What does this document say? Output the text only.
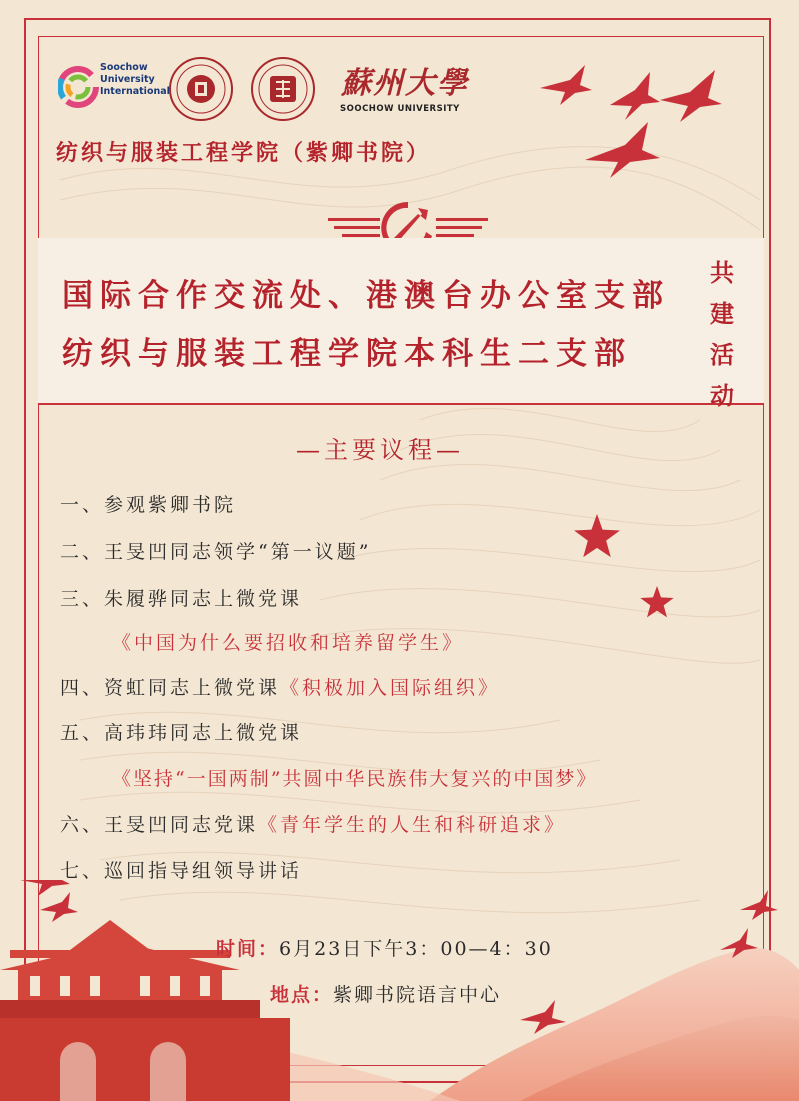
Soochow
University
International	蘇州大學
SOOCHOW UNIVERSITY
纺织与服装工程学院（紫卿书院）
国际合作交流处、港澳台办公室支部
纺织与服装工程学院本科生二支部
共
建
活
动
—主要议程—
一、参观紫卿书院
二、王旻凹同志领学“第一议题”
三、朱履骅同志上微党课
《中国为什么要招收和培养留学生》
四、资虹同志上微党课《积极加入国际组织》
五、高玮玮同志上微党课
《坚持“一国两制”共圆中华民族伟大复兴的中国梦》
六、王旻凹同志党课《青年学生的人生和科研追求》
七、巡回指导组领导讲话
时间：6月23日下午3：00—4：30
地点：紫卿书院语言中心
